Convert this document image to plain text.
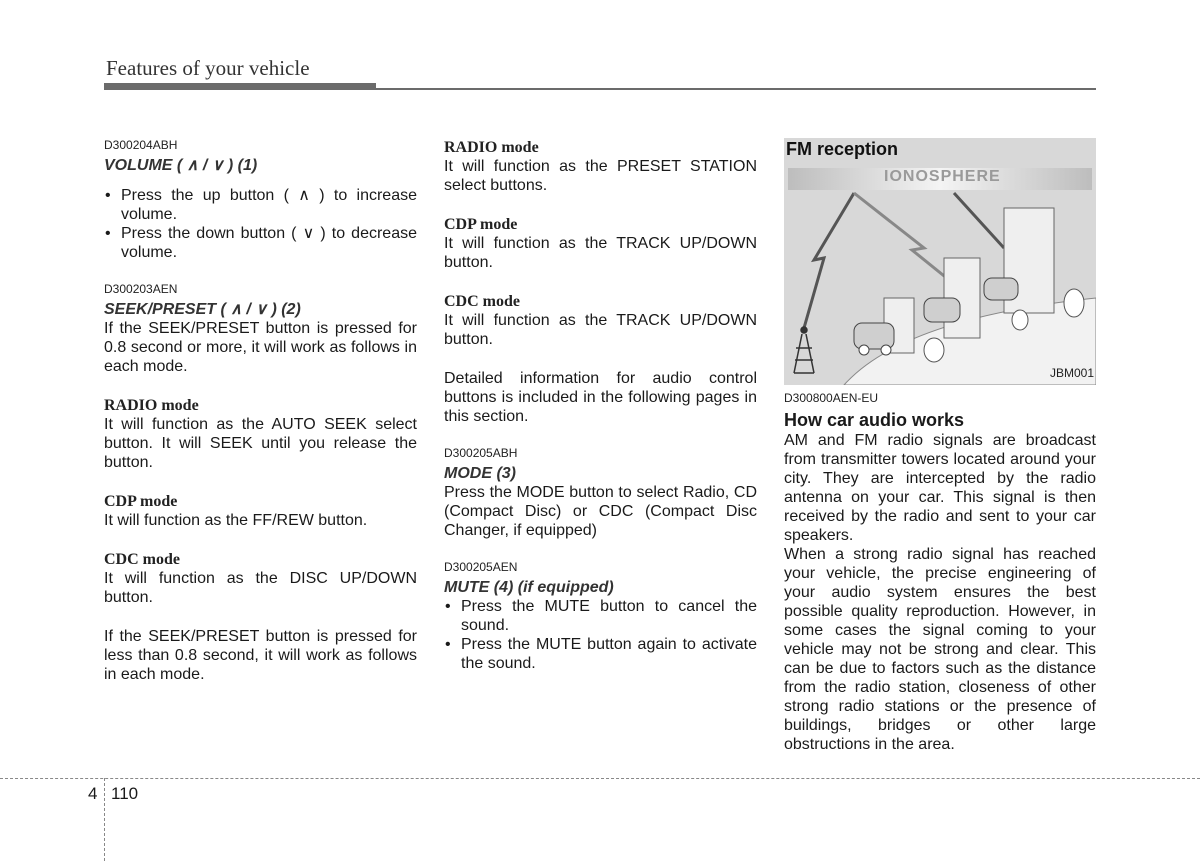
Features of your vehicle
D300204ABH
VOLUME ( ∧ / ∨ ) (1)
• Press the up button ( ∧ ) to increase volume.
• Press the down button ( ∨ ) to decrease volume.
D300203AEN
SEEK/PRESET ( ∧ / ∨ ) (2)

If the SEEK/PRESET button is pressed for 0.8 second or more, it will work as follows in each mode.

RADIO mode

It will function as the AUTO SEEK select button. It will SEEK until you release the button.

CDP mode

It will function as the FF/REW button.

CDC mode

It will function as the DISC UP/DOWN button.

If the SEEK/PRESET button is pressed for less than 0.8 second, it will work as follows in each mode.

RADIO mode

It will function as the PRESET STATION select buttons.

CDP mode

It will function as the TRACK UP/DOWN button.

CDC mode

It will function as the TRACK UP/DOWN button.

Detailed information for audio control buttons is included in the following pages in this section.

D300205ABH
MODE (3)

Press the MODE button to select Radio, CD (Compact Disc) or CDC (Compact Disc Changer, if equipped)

D300205AEN
MUTE (4) (if equipped)
• Press the MUTE button to cancel the sound.
• Press the MUTE button again to activate the sound.
FM reception
IONOSPHERE
JBM001
D300800AEN-EU
How car audio works

AM and FM radio signals are broadcast from transmitter towers located around your city. They are intercepted by the radio antenna on your car. This signal is then received by the radio and sent to your car speakers.

When a strong radio signal has reached your vehicle, the precise engineering of your audio system ensures the best possible quality reproduction. However, in some cases the signal coming to your vehicle may not be strong and clear. This can be due to factors such as the distance from the radio station, closeness of other strong radio stations or the presence of buildings, bridges or other large obstructions in the area.

4 110
